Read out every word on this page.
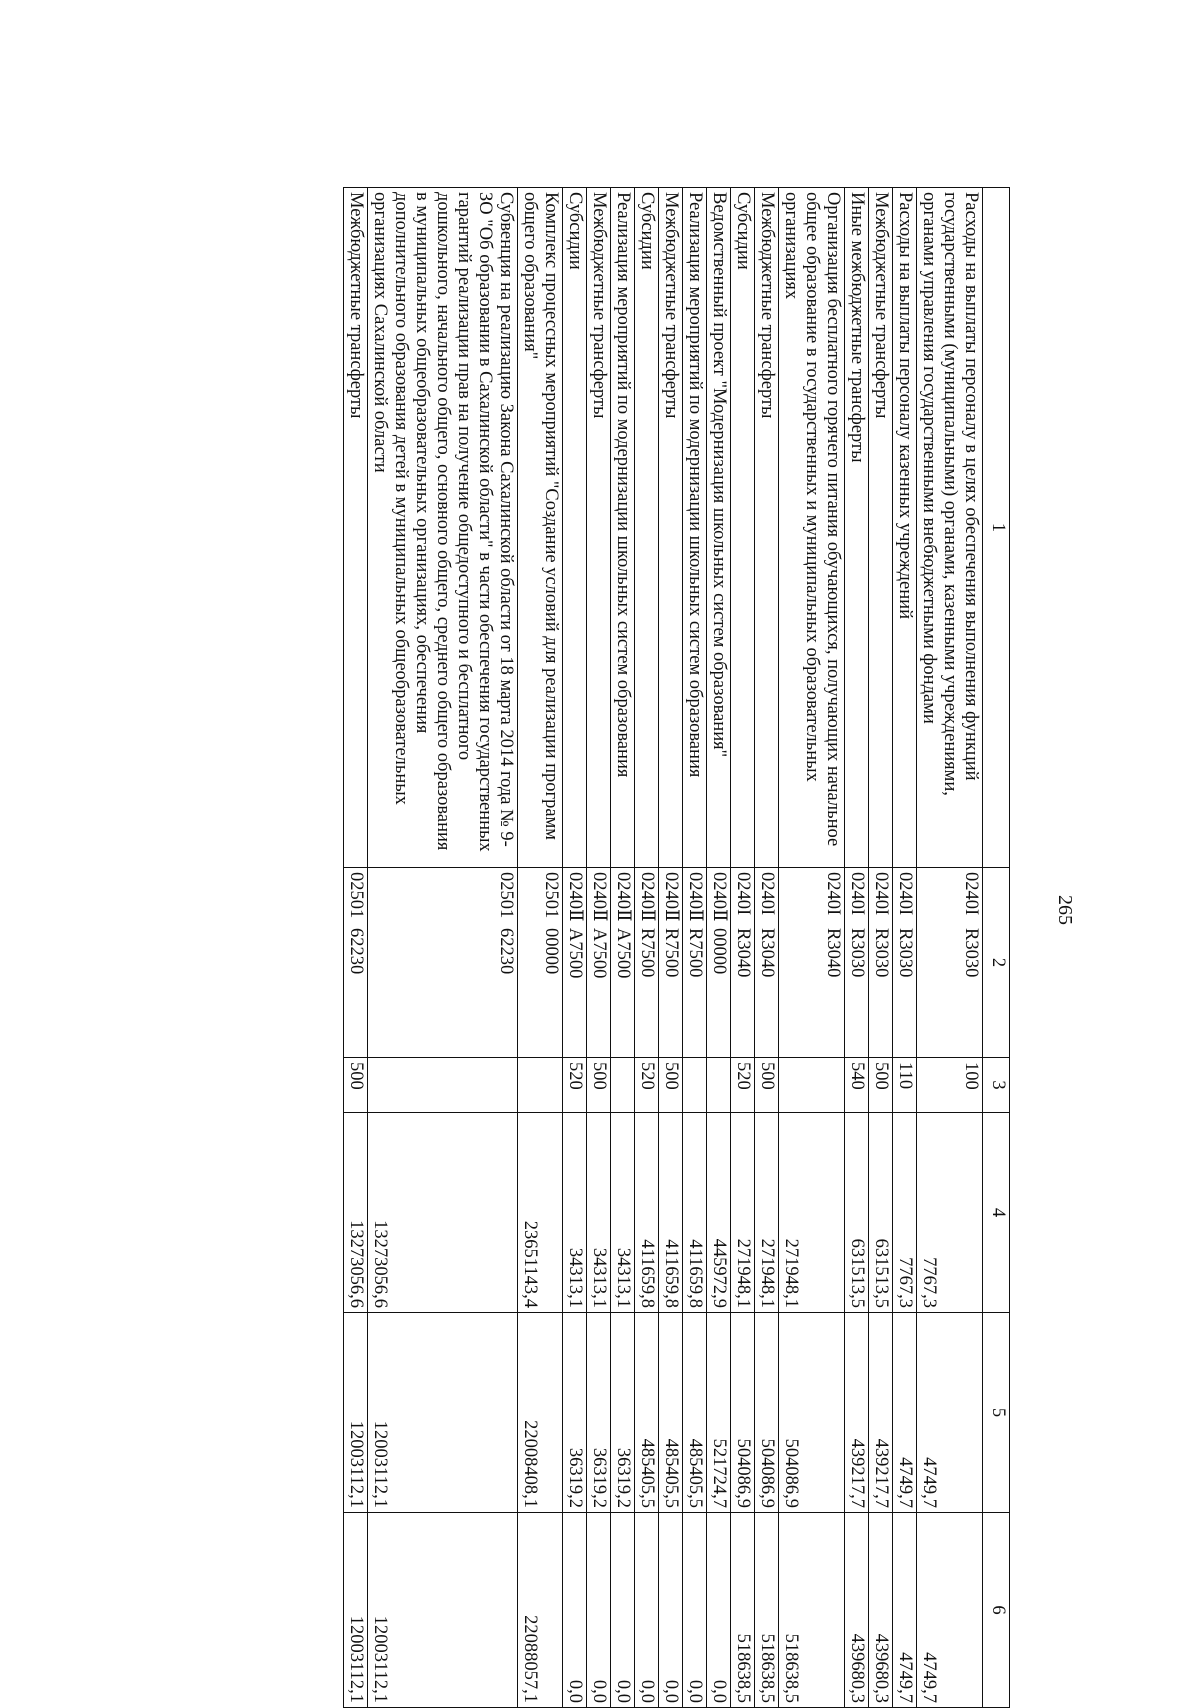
265
1	2	3	4	5	6
Расходы на выплаты персоналу в целях обеспечения выполнения функций государственными (муниципальными) органами, казенными учреждениями, органами управления государственными внебюджетными фондами	0240IR3030	100	7767,3	4749,7	4749,7
Расходы на выплаты персоналу казенных учреждений	0240IR3030	110	7767,3	4749,7	4749,7
Межбюджетные трансферты	0240IR3030	500	631513,5	439217,7	439680,3
Иные межбюджетные трансферты	0240IR3030	540	631513,5	439217,7	439680,3
Организация бесплатного горячего питания обучающихся, получающих начальное общее образование в государственных и муниципальных образовательных организациях	0240IR3040		271948,1	504086,9	518638,5
Межбюджетные трансферты	0240IR3040	500	271948,1	504086,9	518638,5
Субсидии	0240IR3040	520	271948,1	504086,9	518638,5
Ведомственный проект "Модернизация школьных систем образования"	0240Ⅱ00000		445972,9	521724,7	0,0
Реализация мероприятий по модернизации школьных систем образования	0240ⅡR7500		411659,8	485405,5	0,0
Межбюджетные трансферты	0240ⅡR7500	500	411659,8	485405,5	0,0
Субсидии	0240ⅡR7500	520	411659,8	485405,5	0,0
Реализация мероприятий по модернизации школьных систем образования	0240ⅡA7500		34313,1	36319,2	0,0
Межбюджетные трансферты	0240ⅡA7500	500	34313,1	36319,2	0,0
Субсидии	0240ⅡA7500	520	34313,1	36319,2	0,0
Комплекс процессных мероприятий "Создание условий для реализации программ общего образования"	0250100000		23651143,4	22008408,1	22088057,1
Субвенция на реализацию Закона Сахалинской области от 18 марта 2014 года № 9-ЗО "Об образовании в Сахалинской области" в части обеспечения государственных гарантий реализации прав на получение общедоступного и бесплатного дошкольного, начального общего, основного общего, среднего общего образования в муниципальных общеобразовательных организациях, обеспечения дополнительного образования детей в муниципальных общеобразовательных организациях Сахалинской области	0250162230		13273056,6	12003112,1	12003112,1
Межбюджетные трансферты	0250162230	500	13273056,6	12003112,1	12003112,1
